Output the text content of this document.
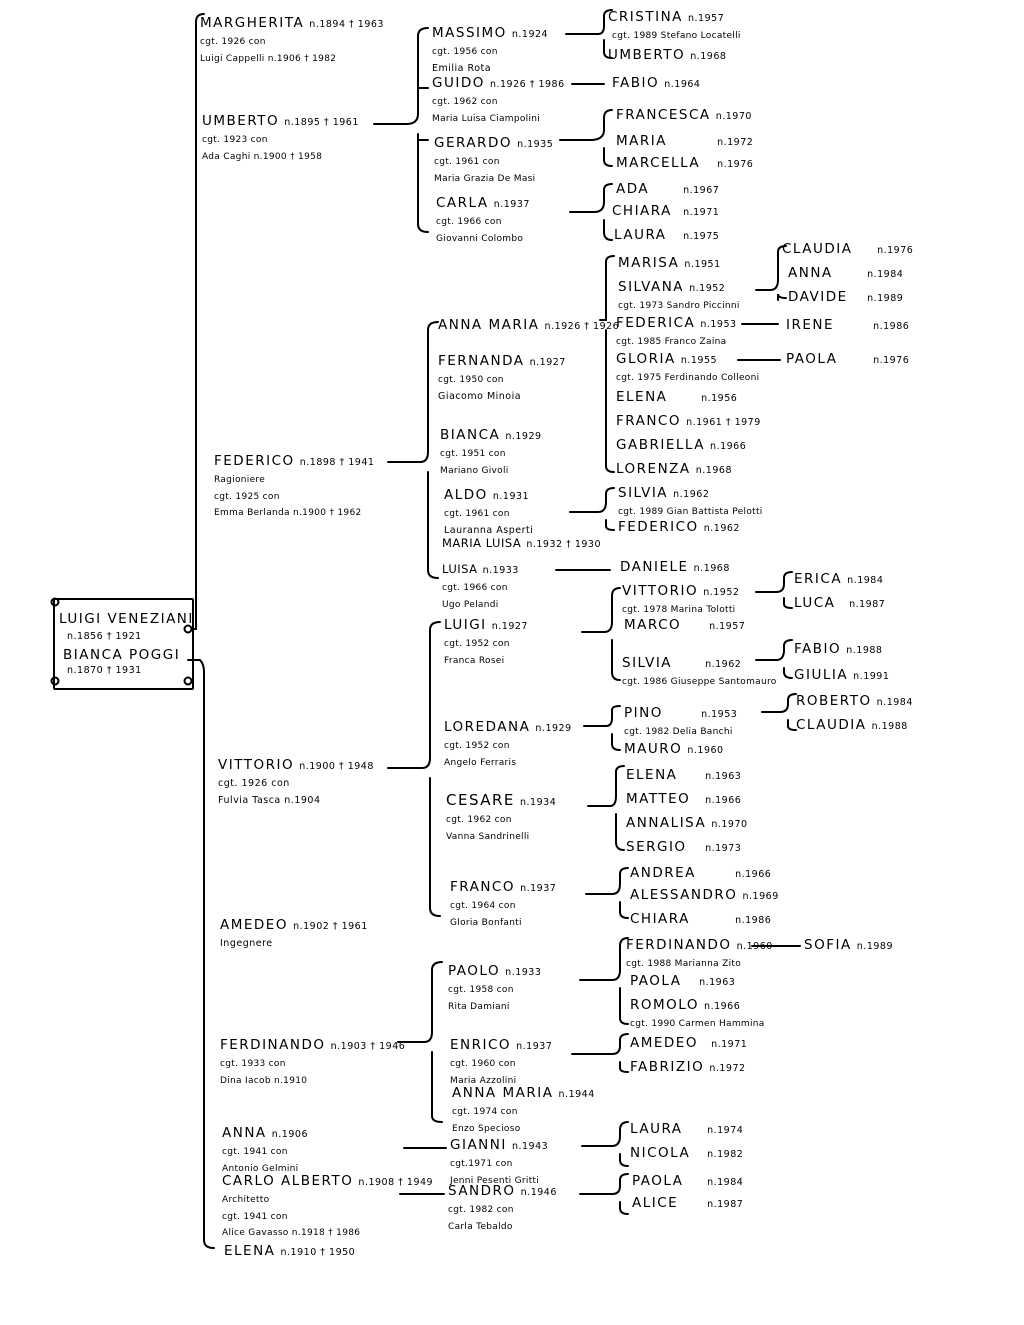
LUIGI VENEZIANI
n.1856 † 1921
BIANCA POGGI
n.1870 † 1931
MARGHERITA n.1894 † 1963
cgt. 1926 con
Luigi Cappelli n.1906 † 1982
UMBERTO n.1895 † 1961
cgt. 1923 con
Ada Caghi n.1900 † 1958
FEDERICO n.1898 † 1941
Ragioniere
cgt. 1925 con
Emma Berlanda n.1900 † 1962
VITTORIO n.1900 † 1948
cgt. 1926 con
Fulvia Tasca n.1904
AMEDEO n.1902 † 1961
Ingegnere
FERDINANDO n.1903 † 1946
cgt. 1933 con
Dina Iacob n.1910
ANNA n.1906
cgt. 1941 con
Antonio Gelmini
CARLO ALBERTO n.1908 † 1949
Architetto
cgt. 1941 con
Alice Gavasso n.1918 † 1986
ELENA n.1910 † 1950
MASSIMO n.1924
cgt. 1956 con
Emilia Rota
GUIDO n.1926 † 1986
cgt. 1962 con
Maria Luisa Ciampolini
GERARDO n.1935
cgt. 1961 con
Maria Grazia De Masi
CARLA n.1937
cgt. 1966 con
Giovanni Colombo
ANNA MARIA n.1926 † 1926
FERNANDA n.1927
cgt. 1950 con
Giacomo Minoia
BIANCA n.1929
cgt. 1951 con
Mariano Givoli
ALDO n.1931
cgt. 1961 con
Lauranna Asperti
MARIA LUISA n.1932 † 1930
LUISA n.1933
cgt. 1966 con
Ugo Pelandi
LUIGI n.1927
cgt. 1952 con
Franca Rosei
LOREDANA n.1929
cgt. 1952 con
Angelo Ferraris
CESARE n.1934
cgt. 1962 con
Vanna Sandrinelli
FRANCO n.1937
cgt. 1964 con
Gloria Bonfanti
PAOLO n.1933
cgt. 1958 con
Rita Damiani
ENRICO n.1937
cgt. 1960 con
Maria Azzolini
ANNA MARIA n.1944
cgt. 1974 con
Enzo Specioso
GIANNI n.1943
cgt.1971 con
Jenni Pesenti Gritti
SANDRO n.1946
cgt. 1982 con
Carla Tebaldo
CRISTINA n.1957
cgt. 1989 Stefano Locatelli
UMBERTO n.1968
FABIO n.1964
FRANCESCA n.1970
MARIA	n.1972
MARCELLA n.1976
ADA	n.1967
CHIARA n.1971
LAURA n.1975
MARISA n.1951
SILVANA n.1952
cgt. 1973 Sandro Piccinni
FEDERICA n.1953
cgt. 1985 Franco Zaina
GLORIA n.1955
cgt. 1975 Ferdinando Colleoni
ELENA	n.1956
FRANCO n.1961 † 1979
GABRIELLA n.1966
LORENZA n.1968
SILVIA n.1962
cgt. 1989 Gian Battista Pelotti
FEDERICO n.1962
DANIELE n.1968
VITTORIO n.1952
cgt. 1978 Marina Tolotti
MARCO	n.1957
SILVIA	n.1962
cgt. 1986 Giuseppe Santomauro
PINO	n.1953
cgt. 1982 Delia Banchi
MAURO n.1960
ELENA	n.1963
MATTEO n.1966
ANNALISA n.1970
SERGIO n.1973
ANDREA	n.1966
ALESSANDRO n.1969
CHIARA	n.1986
FERDINANDO n.1960
cgt. 1988 Marianna Zito
PAOLA n.1963
ROMOLO n.1966
cgt. 1990 Carmen Hammina
AMEDEO n.1971
FABRIZIO n.1972
LAURA	n.1974
NICOLA n.1982
PAOLA n.1984
ALICE	n.1987
CLAUDIA	n.1976
ANNA	n.1984
DAVIDE n.1989
IRENE	n.1986
PAOLA	n.1976
ERICA n.1984
LUCA n.1987
FABIO n.1988
GIULIA n.1991
ROBERTO n.1984
CLAUDIA n.1988
SOFIA n.1989
